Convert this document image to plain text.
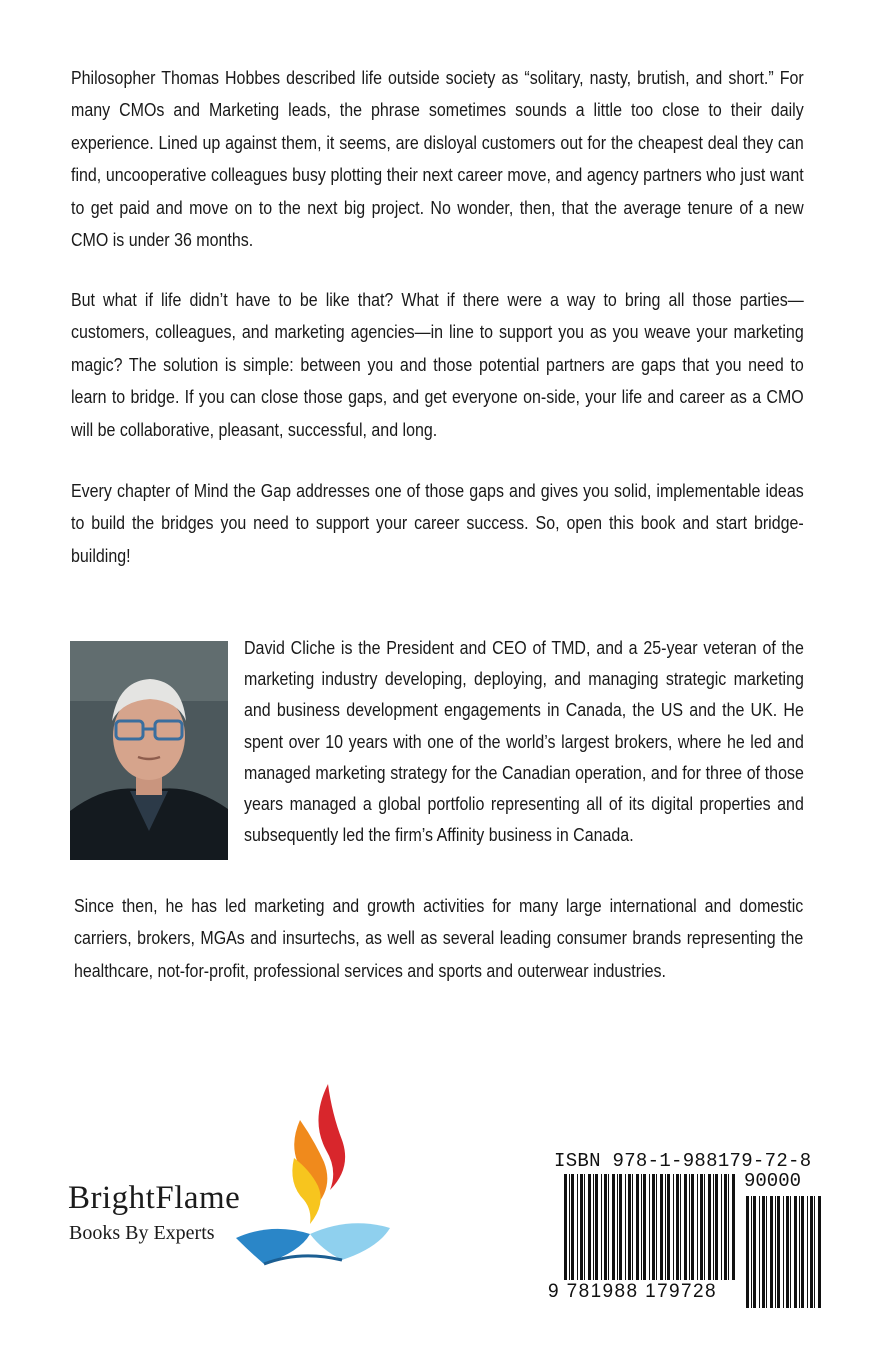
Philosopher Thomas Hobbes described life outside society as “solitary, nasty, brutish, and short.” For many CMOs and Marketing leads, the phrase sometimes sounds a little too close to their daily experience. Lined up against them, it seems, are disloyal customers out for the cheapest deal they can find, uncooperative colleagues busy plotting their next career move, and agency partners who just want to get paid and move on to the next big project. No wonder, then, that the average tenure of a new CMO is under 36 months.

But what if life didn’t have to be like that? What if there were a way to bring all those parties—customers, colleagues, and marketing agencies—in line to support you as you weave your marketing magic? The solution is simple: between you and those potential partners are gaps that you need to learn to bridge. If you can close those gaps, and get everyone on-side, your life and career as a CMO will be collaborative, pleasant, successful, and long.

Every chapter of Mind the Gap addresses one of those gaps and gives you solid, implementable ideas to build the bridges you need to support your career success. So, open this book and start bridge-building!

David Cliche is the President and CEO of TMD, and a 25-year veteran of the marketing industry developing, deploying, and managing strategic marketing and business development engagements in Canada, the US and the UK. He spent over 10 years with one of the world’s largest brokers, where he led and managed marketing strategy for the Canadian operation, and for three of those years managed a global portfolio representing all of its digital properties and subsequently led the firm’s Affinity business in Canada.

Since then, he has led marketing and growth activities for many large international and domestic carriers, brokers, MGAs and insurtechs, as well as several leading consumer brands representing the healthcare, not-for-profit, professional services and sports and outerwear industries.

BrightFlame

Books By Experts

ISBN 978-1-988179-72-8

90000

9 781988 179728
